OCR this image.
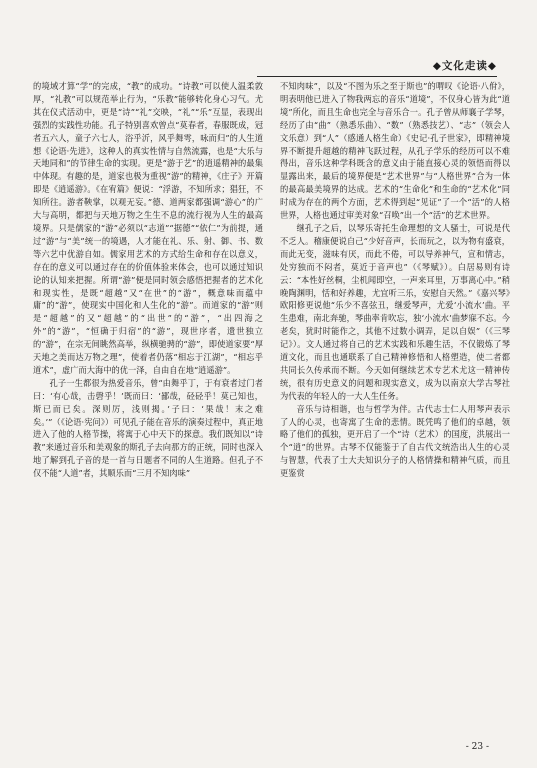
◆文化走读◆

的境域才算“学”的完成，“教”的成功。“诗教”可以使人温柔敦厚，“礼教”可以规范举止行为，“乐教”能够转化身心习气。尤其在仪式活动中，更是“诗”“礼”交映，“礼”“乐”互显，表现出强烈的实践性功能。孔子特别喜欢曾点“莫春者，春服既成，冠者五六人，童子六七人，浴乎沂，风乎舞雩，咏而归”的人生道想《论语·先进》，这种人的真实性情与自然流露，也是“大乐与天地同和”的节律生命的实现。更是“游于艺”的逍遥精神的最集中体现。有趣的是，道家也极为重视“游”的精神，《庄子》开篇即是《逍遥游》。《在宥篇》便说：“浮游，不知所求；猖狂，不知所往。游者鞅掌，以观无妄。”德、道两家都强调“游心”的广大与高明，都把与天地万物之生生不息的流行视为人生的最高境界。只是儒家的“游”必须以“志道”“据德”“依仁”为前提，通过“游”与“美”统一的境遇，人才能在礼、乐、射、御、书、数等六艺中优游自如。儒家用艺术的方式给生命和存在以意义，存在的意义可以通过存在的价值体验来体会，也可以通过知识论的认知来把握。所谓“游”便是同时领会感悟把握者的艺术化和现实性，是既“超越”又“在世”的“游”，概意味而蕴中庸”的“游”，使现实中国化和人生化的“游”。而道家的“游”则是“超越”的又“超越”的“出世”的“游”，“出四海之外”的“游”，“恒确于归宿”的“游”，现世序者，遗世独立的“游”，在宗无间眺然高举，纵横驰骋的“游”，即使道家要“厚天地之美而达万物之理”，使着者仍落“相忘于江湖”，“相忘乎道术”，虚广而大海中的优一泽，自由自在地“逍遥游”。

孔子一生都很为热爱音乐，曾“由舞乎丁，于有衰者过门者曰：‘有心哉，击磬乎！’既而曰：‘鄙哉，硁硁乎！莫己知也，斯已而已矣。深则厉，浅则揭。’子曰：‘果哉！末之难矣。’”（《论语·宪问》）可见孔子能在音乐的演奏过程中，真正地进入了他的人格节操，将寓于心中天下的探意。我们既知以“诗教”来通过音乐和美观象的斯孔子去向那方的正统，同时也深入地了解到孔子音的是一首与日题者不同的人生道路。但孔子不仅不能“人道”者，其顺乐而“三月不知肉味”

不知肉味”，以及“不图为乐之至于斯也”的喟叹《论语·八佾》，明表明他已进入了物我两忘的音乐“道境”，不仅身心皆为此“道境”所化，而且生命也完全与音乐合一。孔子曾从师襄子学琴，经历了由“曲”（熟悉乐曲）、“数”（熟悉技艺）、“志”（领会人文乐意）到“人”（感通人格生命）《史记·孔子世家》，即精神境界不断提升超越的精神飞跃过程，从孔子学乐的经历可以不难得出，音乐这种学科既含的意义由于能直接心灵的领悟而得以显露出来，最后的境界便是“艺术世界”与“人格世界”合为一体的最高最美境界的达成。艺术的“生命化”和生命的“艺术化”同时成为存在的两个方面，艺术得到起“见证”了一个“活”的人格世界，人格也通过审美对象“召唤”出一个“活”的艺术世界。

继孔子之后，以琴乐寄托生命理想的文人骚士，可说是代不乏人。稽康便说自己“少好音声，长而玩之，以为物有盛衰，而此无变，滋味有厌，而此不倦，可以导养神气，宣和情志，处穷独而不闷者，莫近于音声也”（《琴赋》）。白居易则有诗云：“本性好丝桐，尘机闻即空，一声来耳里，万事离心中。”稍晚陶渊明，恬和好养趣，尤宜听三乐，安慰自天然。”《嘉兴琴》欧阳修更说他“乐少不喜弦丑，继爱琴声，尤爱‘小流水’曲。平生患难，南北奔驰，琴曲率肯吹忘，独‘小流水’曲梦寐不忘。今老矣，犹时时能作之，其他不过数小调弄，足以自娱”（《三琴记》）。文人通过将自己的艺术实践和乐趣生活，不仅锻炼了琴道文化，而且也通联系了自己精神修悟和人格塑造，使二者都共同长久传承而不断。今天如何继续艺术专艺术尤这一精神传统，很有历史意义的问题和现实意义，成为以南京大学古琴社为代表的年轻人的一大人生任务。

音乐与诗相谐，也与哲学为伴。古代志士仁人用琴声表示了人的心灵，也寄寓了生命的悲情。既凭鸣了他们的卓越，领略了他们的孤独，更开启了一个“诗（艺术）的国度，洪展出一个“逍”的世界。古琴不仅能鉴于了自古代文统浩出人生的心灵与智慧，代表了士大夫知识分子的人格情操和精神气质，而且更鉴赏

- 23 -
